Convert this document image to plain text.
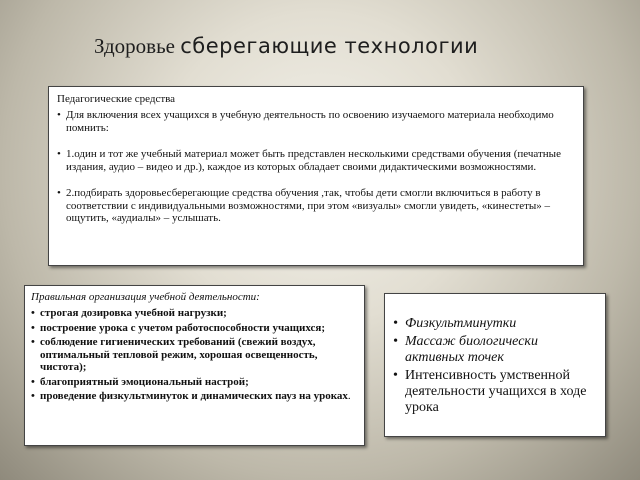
Здоровье сберегающие технологии
Педагогические средства
• Для включения всех учащихся в учебную деятельность по освоению изучаемого материала необходимо помнить:
• 1.один и тот же учебный материал может быть представлен несколькими средствами обучения (печатные издания, аудио – видео и др.), каждое из которых обладает своими дидактическими возможностями.
• 2.подбирать здоровьесберегающие средства обучения ,так, чтобы дети смогли включиться в работу в соответствии с индивидуальными возможностями, при этом «визуалы» смогли увидеть, «кинестеты» – ощутить, «аудиалы» – услышать.
Правильная организация учебной деятельности:
• строгая дозировка учебной нагрузки;
• построение урока с учетом работоспособности учащихся;
• соблюдение гигиенических требований (свежий воздух, оптимальный тепловой режим, хорошая освещенность, чистота);
• благоприятный эмоциональный настрой;
• проведение физкультминуток и динамических пауз на уроках.
• Физкультминутки
• Массаж биологически активных точек
• Интенсивность умственной деятельности учащихся в ходе урока
